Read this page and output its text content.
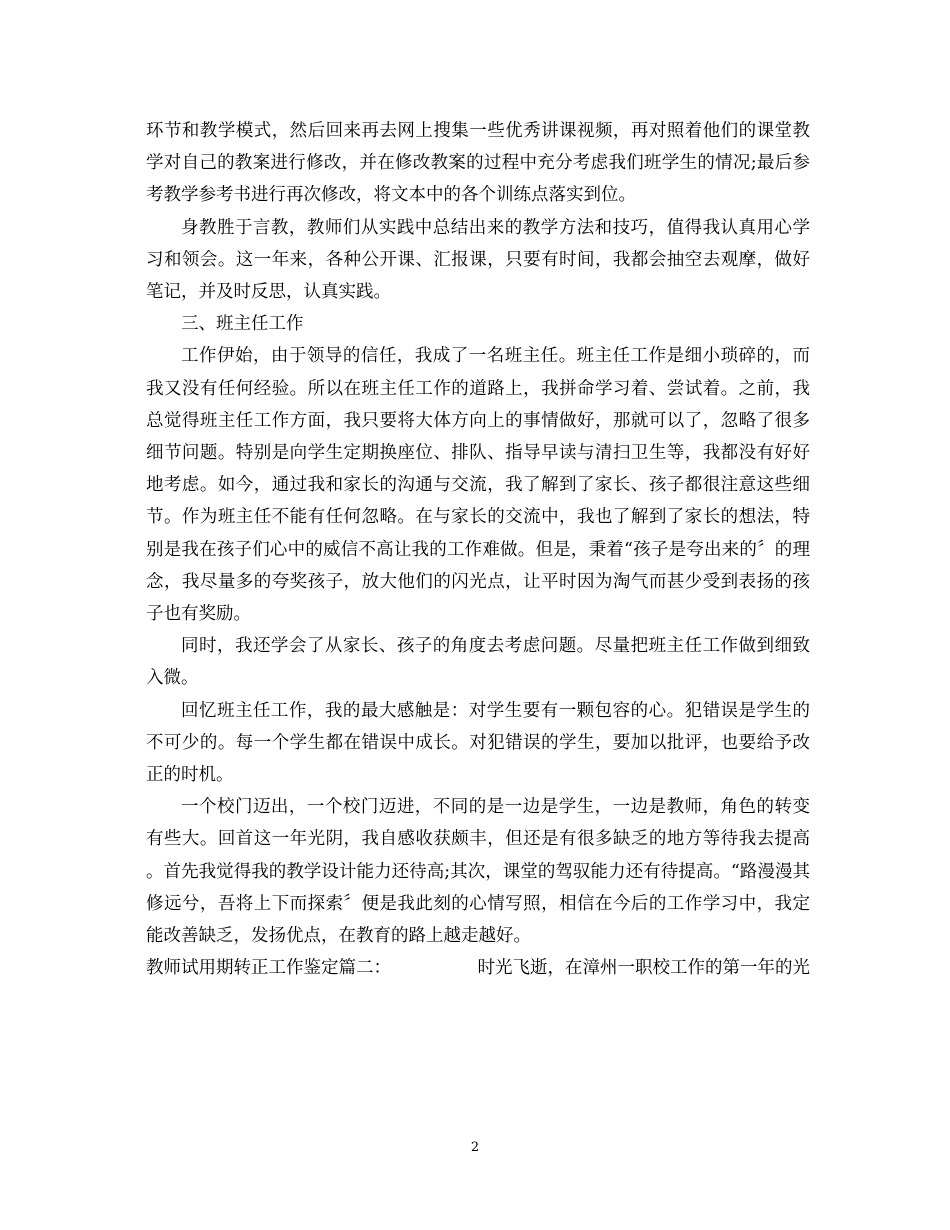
环节和教学模式，然后回来再去网上搜集一些优秀讲课视频，再对照着他们的课堂教学对自己的教案进行修改，并在修改教案的过程中充分考虑我们班学生的情况;最后参考教学参考书进行再次修改，将文本中的各个训练点落实到位。

身教胜于言教，教师们从实践中总结出来的教学方法和技巧，值得我认真用心学习和领会。这一年来，各种公开课、汇报课，只要有时间，我都会抽空去观摩，做好笔记，并及时反思，认真实践。

三、班主任工作

工作伊始，由于领导的信任，我成了一名班主任。班主任工作是细小琐碎的，而我又没有任何经验。所以在班主任工作的道路上，我拼命学习着、尝试着。之前，我总觉得班主任工作方面，我只要将大体方向上的事情做好，那就可以了，忽略了很多细节问题。特别是向学生定期换座位、排队、指导早读与清扫卫生等，我都没有好好地考虑。如今，通过我和家长的沟通与交流，我了解到了家长、孩子都很注意这些细节。作为班主任不能有任何忽略。在与家长的交流中，我也了解到了家长的想法，特别是我在孩子们心中的威信不高让我的工作难做。但是，秉着“孩子是夸出来的〞的理念，我尽量多的夸奖孩子，放大他们的闪光点，让平时因为淘气而甚少受到表扬的孩子也有奖励。

同时，我还学会了从家长、孩子的角度去考虑问题。尽量把班主任工作做到细致入微。

回忆班主任工作，我的最大感触是：对学生要有一颗包容的心。犯错误是学生的不可少的。每一个学生都在错误中成长。对犯错误的学生，要加以批评，也要给予改正的时机。

一个校门迈出，一个校门迈进，不同的是一边是学生，一边是教师，角色的转变有些大。回首这一年光阴，我自感收获颇丰，但还是有很多缺乏的地方等待我去提高。首先我觉得我的教学设计能力还待高;其次，课堂的驾驭能力还有待提高。“路漫漫其修远兮，吾将上下而探索〞便是我此刻的心情写照，相信在今后的工作学习中，我定能改善缺乏，发扬优点，在教育的路上越走越好。

教师试用期转正工作鉴定篇二：	时光飞逝，在漳州一职校工作的第一年的光
2
